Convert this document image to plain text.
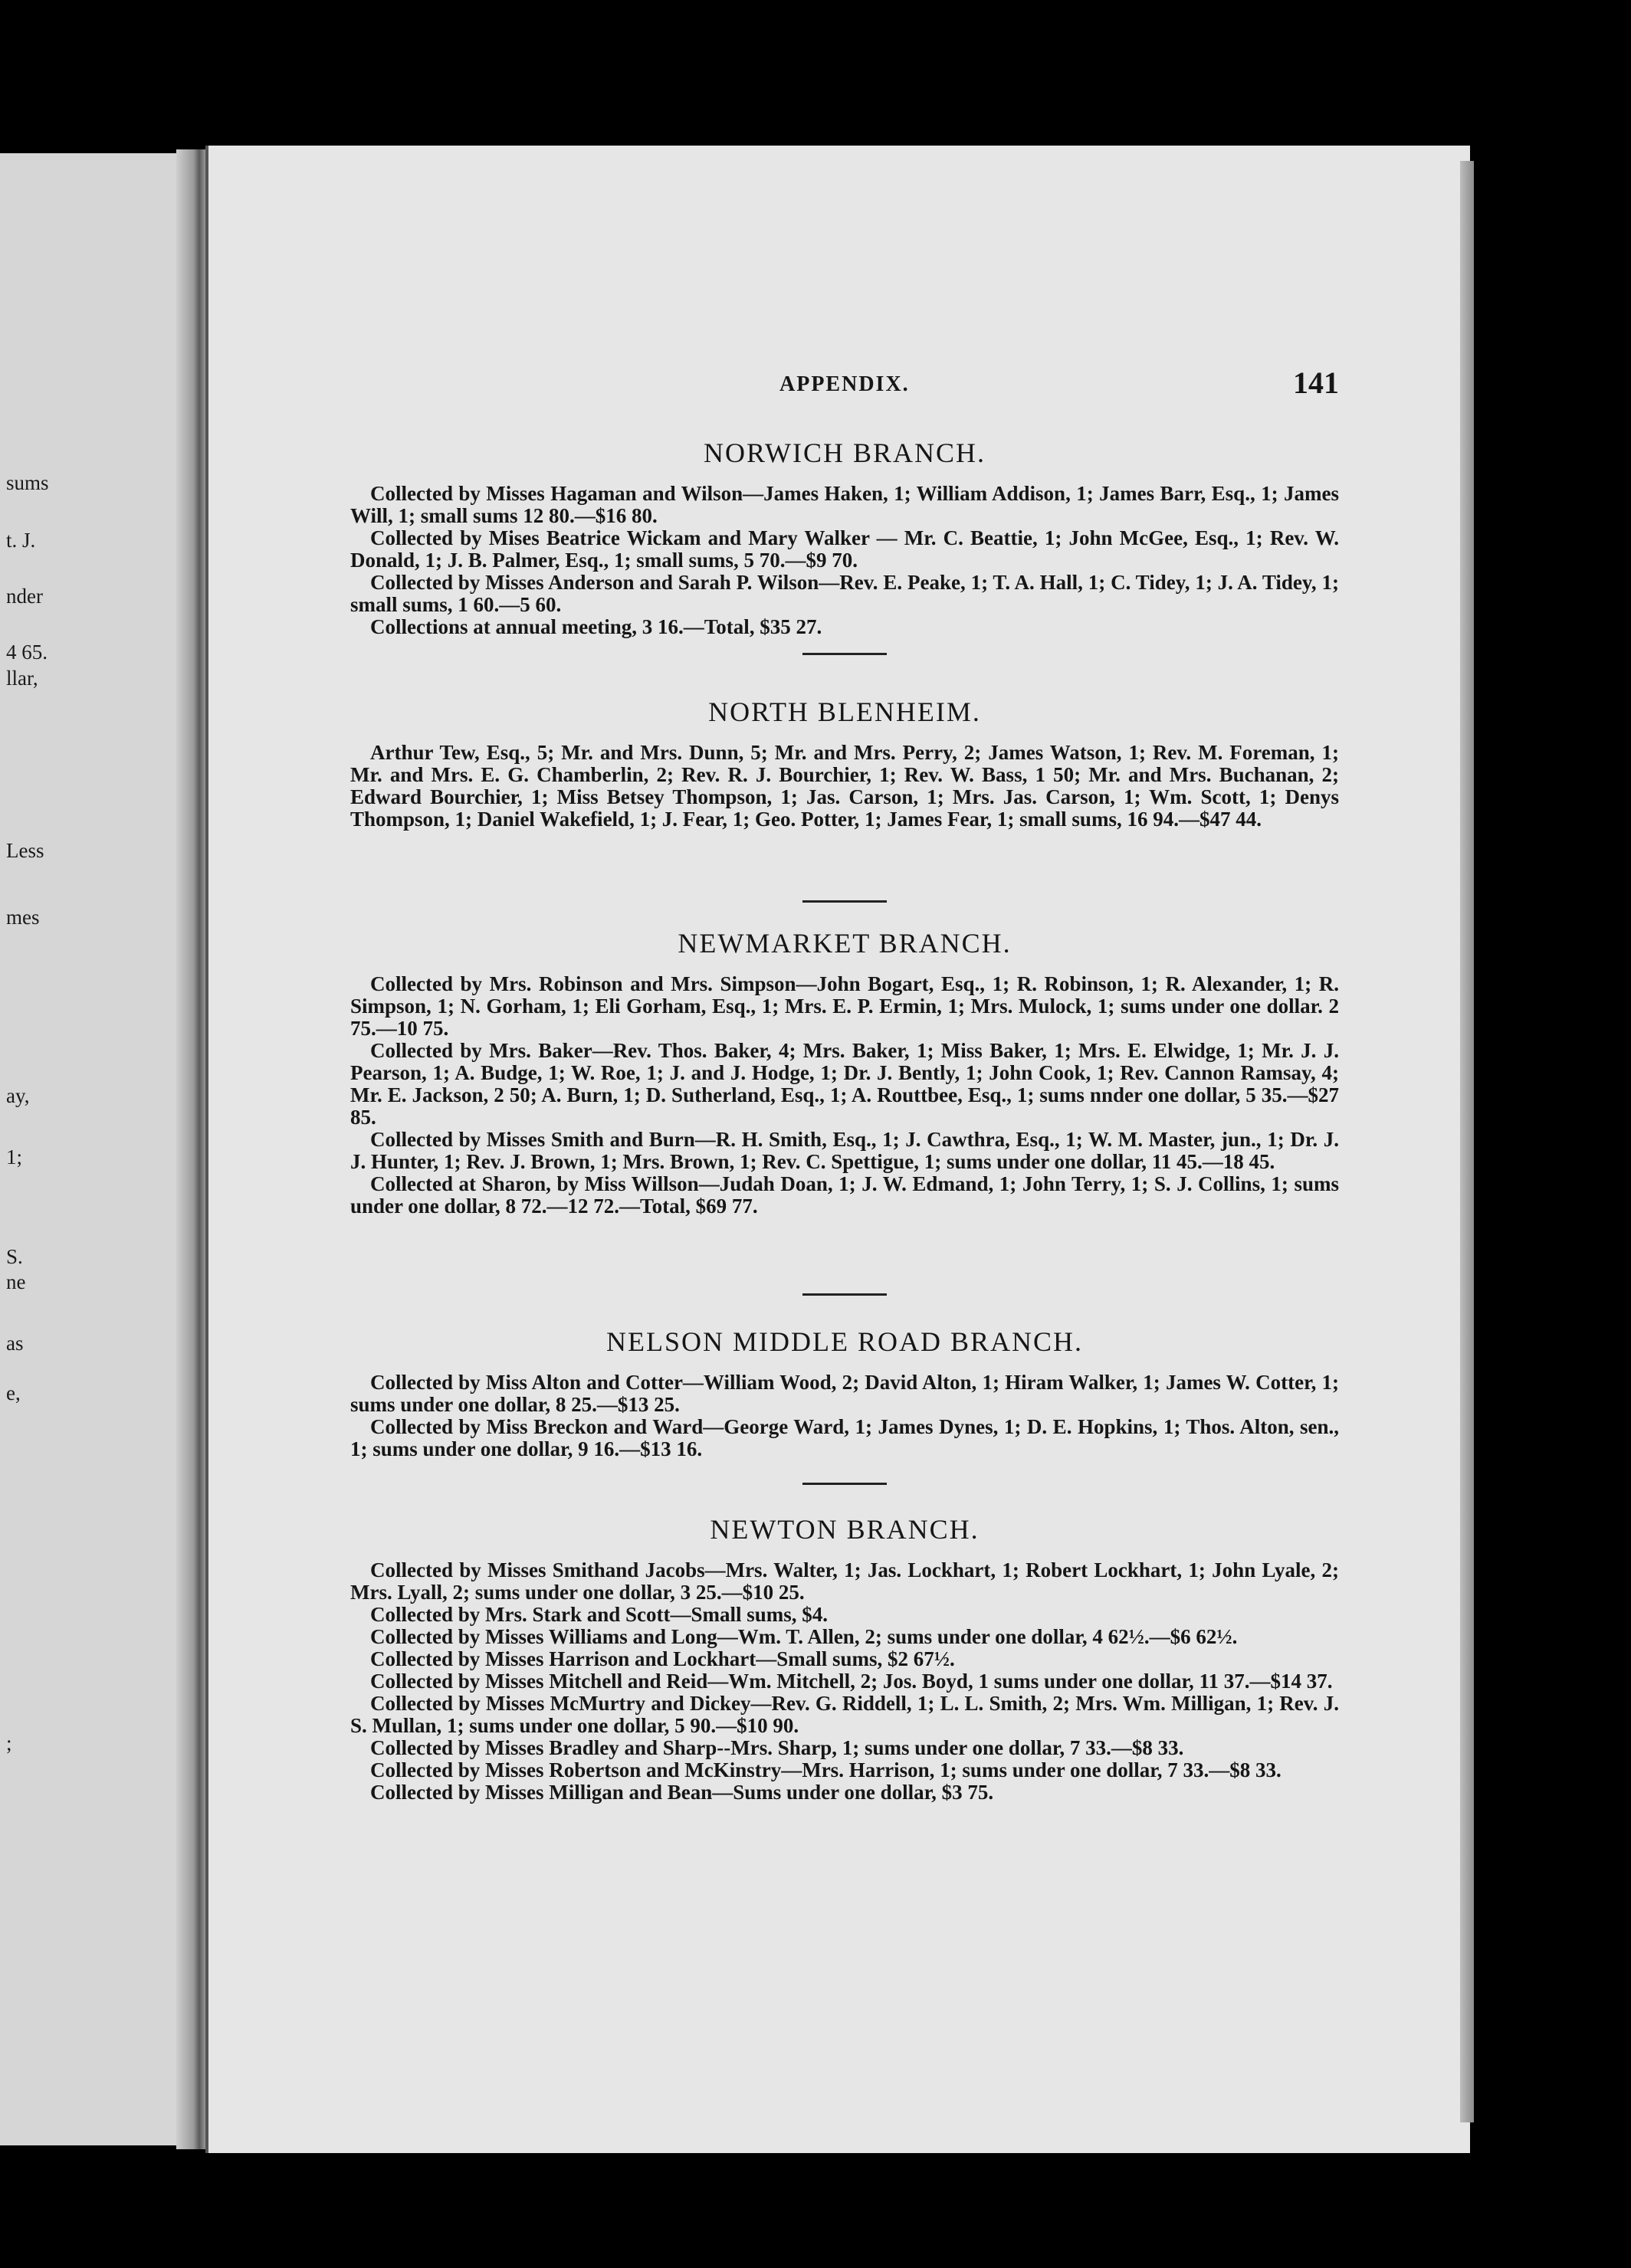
sums
t. J.
nder
4 65.
llar,
Less
mes
ay,
1;
S.
ne
as
e,
;
APPENDIX.	141
NORWICH BRANCH.

Collected by Misses Hagaman and Wilson—James Haken, 1; William Addison, 1; James Barr, Esq., 1; James Will, 1; small sums 12 80.—$16 80.

Collected by Mises Beatrice Wickam and Mary Walker — Mr. C. Beattie, 1; John McGee, Esq., 1; Rev. W. Donald, 1; J. B. Palmer, Esq., 1; small sums, 5 70.—$9 70.

Collected by Misses Anderson and Sarah P. Wilson—Rev. E. Peake, 1; T. A. Hall, 1; C. Tidey, 1; J. A. Tidey, 1; small sums, 1 60.—5 60.

Collections at annual meeting, 3 16.—Total, $35 27.

NORTH BLENHEIM.

Arthur Tew, Esq., 5; Mr. and Mrs. Dunn, 5; Mr. and Mrs. Perry, 2; James Watson, 1; Rev. M. Foreman, 1; Mr. and Mrs. E. G. Chamberlin, 2; Rev. R. J. Bourchier, 1; Rev. W. Bass, 1 50; Mr. and Mrs. Buchanan, 2; Edward Bourchier, 1; Miss Betsey Thompson, 1; Jas. Carson, 1; Mrs. Jas. Carson, 1; Wm. Scott, 1; Denys Thompson, 1; Daniel Wakefield, 1; J. Fear, 1; Geo. Potter, 1; James Fear, 1; small sums, 16 94.—$47 44.

NEWMARKET BRANCH.

Collected by Mrs. Robinson and Mrs. Simpson—John Bogart, Esq., 1; R. Robinson, 1; R. Alexander, 1; R. Simpson, 1; N. Gorham, 1; Eli Gorham, Esq., 1; Mrs. E. P. Ermin, 1; Mrs. Mulock, 1; sums under one dollar. 2 75.—10 75.

Collected by Mrs. Baker—Rev. Thos. Baker, 4; Mrs. Baker, 1; Miss Baker, 1; Mrs. E. Elwidge, 1; Mr. J. J. Pearson, 1; A. Budge, 1; W. Roe, 1; J. and J. Hodge, 1; Dr. J. Bently, 1; John Cook, 1; Rev. Cannon Ramsay, 4; Mr. E. Jackson, 2 50; A. Burn, 1; D. Sutherland, Esq., 1; A. Routtbee, Esq., 1; sums nnder one dollar, 5 35.—$27 85.

Collected by Misses Smith and Burn—R. H. Smith, Esq., 1; J. Cawthra, Esq., 1; W. M. Master, jun., 1; Dr. J. J. Hunter, 1; Rev. J. Brown, 1; Mrs. Brown, 1; Rev. C. Spettigue, 1; sums under one dollar, 11 45.—18 45.

Collected at Sharon, by Miss Willson—Judah Doan, 1; J. W. Edmand, 1; John Terry, 1; S. J. Collins, 1; sums under one dollar, 8 72.—12 72.—Total, $69 77.

NELSON MIDDLE ROAD BRANCH.

Collected by Miss Alton and Cotter—William Wood, 2; David Alton, 1; Hiram Walker, 1; James W. Cotter, 1; sums under one dollar, 8 25.—$13 25.

Collected by Miss Breckon and Ward—George Ward, 1; James Dynes, 1; D. E. Hopkins, 1; Thos. Alton, sen., 1; sums under one dollar, 9 16.—$13 16.

NEWTON BRANCH.

Collected by Misses Smithand Jacobs—Mrs. Walter, 1; Jas. Lockhart, 1; Robert Lockhart, 1; John Lyale, 2; Mrs. Lyall, 2; sums under one dollar, 3 25.—$10 25.

Collected by Mrs. Stark and Scott—Small sums, $4.

Collected by Misses Williams and Long—Wm. T. Allen, 2; sums under one dollar, 4 62½.—$6 62½.

Collected by Misses Harrison and Lockhart—Small sums, $2 67½.

Collected by Misses Mitchell and Reid—Wm. Mitchell, 2; Jos. Boyd, 1 sums under one dollar, 11 37.—$14 37.

Collected by Misses McMurtry and Dickey—Rev. G. Riddell, 1; L. L. Smith, 2; Mrs. Wm. Milligan, 1; Rev. J. S. Mullan, 1; sums under one dollar, 5 90.—$10 90.

Collected by Misses Bradley and Sharp--Mrs. Sharp, 1; sums under one dollar, 7 33.—$8 33.

Collected by Misses Robertson and McKinstry—Mrs. Harrison, 1; sums under one dollar, 7 33.—$8 33.

Collected by Misses Milligan and Bean—Sums under one dollar, $3 75.
